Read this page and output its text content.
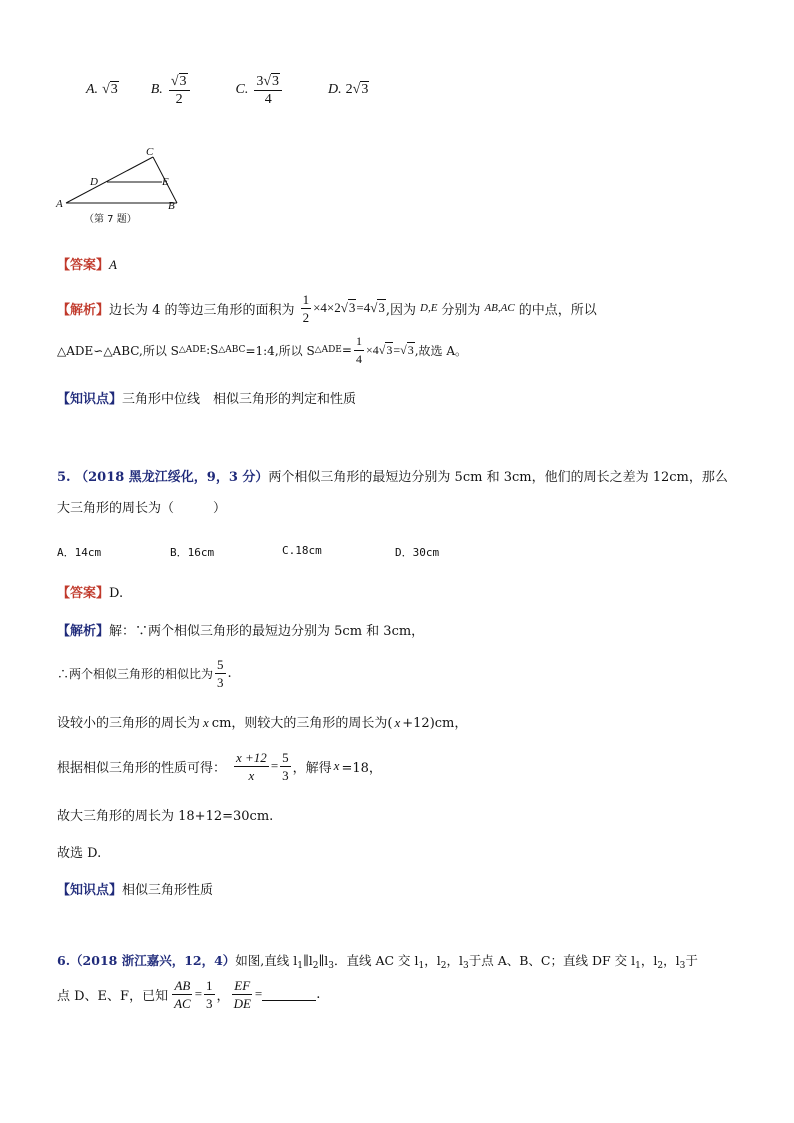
A. √3 B. $\frac{√3}{2}$	C. $\frac{3√3}{4}$	D. 2√3
C
D	E
A	B
（第 7 题）
【答案】A
【解析】 边长为 4 的等边三角形的面积为 $\frac{1}{2} \times 4\times 2$ √3 =4 √3 ,因为 D,E 分别为 AB,AC 的中点，所以
△ADE∽△ABC,所以 S △ADE :S △ABC =1:4,所以 S △ADE = $\frac{1}{4} \times 4$ √3 = √3 ,故选 A。
【知识点】三角形中位线　相似三角形的判定和性质
5. （2018 黑龙江绥化，9，3 分）两个相似三角形的最短边分别为 5cm 和 3cm，他们的周长之差为 12cm，那么
大三角形的周长为（　　　）
A．14cm	B．16cm	C.18cm	D．30cm
【答案】D.
【解析】解：∵两个相似三角形的最短边分别为 5cm 和 3cm，
∴两个相似三角形的相似比为 $\frac{5}{3}$ .
设较小的三角形的周长为 x cm，则较大的三角形的周长为( x +12)cm，
根据相似三角形的性质可得： $\frac{x +12}{x} = \frac{5}{3}$ ，解得 x =18，
故大三角形的周长为 18+12=30cm.
故选 D.
【知识点】相似三角形性质
6.（2018 浙江嘉兴，12，4）如图,直线 $l_1\parallel l_2\parallel l_3$．直线 AC 交 $l_1$，$l_2$，$l_3$于点 A、B、C；直线 DF 交 $l_1$，$l_2$，$l_3$于
点 D、E、F，已知 $\frac{AB}{AC} = \frac{1}{3}$ ， $\frac{EF}{DE}$ =	.
